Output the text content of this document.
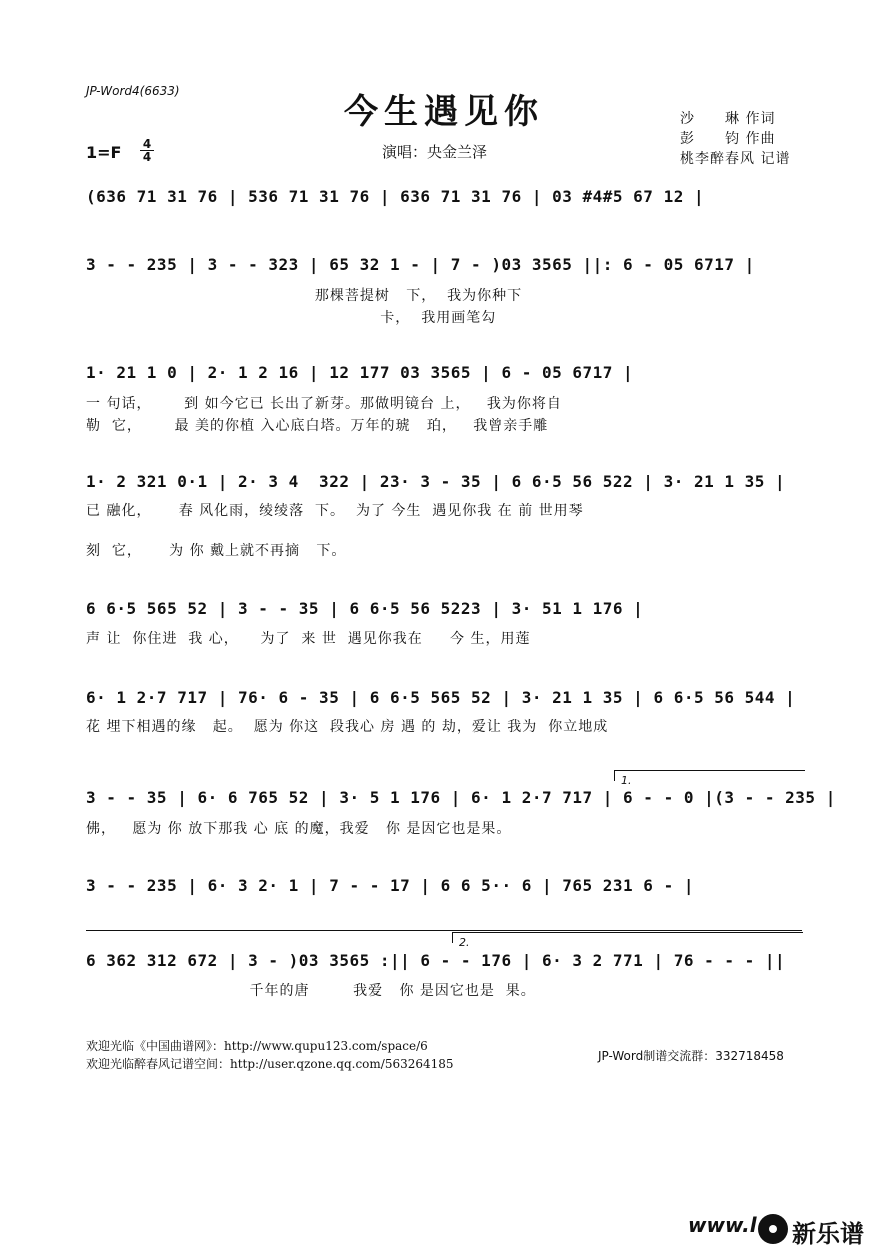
JP-Word4(6633)
今生遇见你
1=F 4
4	演唱：央金兰泽
沙　　琳 作词
彭　　钧 作曲
桃李醉春风 记谱
(636 71 31 76 | 536 71 31 76 | 636 71 31 76 | 03 #4#5 67 12 |
3 - - 235 | 3 - - 323 | 65 32 1 - | 7 - )03 3565 ||: 6 - 05 6717 |
那棵菩提树   下，  我为你种下
卡，  我用画笔勾
1· 21 1 0 | 2· 1 2 16 | 12 177 03 3565 | 6 - 05 6717 |
一 句话，      到 如今它已 长出了新芽。那做明镜台 上，   我为你将自
勒  它，      最 美的你植 入心底白塔。万年的琥   珀，   我曾亲手雕
1· 2 321 0·1 | 2· 3 4  322 | 23· 3 - 35 | 6 6·5 56 522 | 3· 21 1 35 |
已 融化，     春 风化雨，绫绫落  下。  为了 今生  遇见你我 在 前 世用琴
刻  它，     为 你 戴上就不再摘   下。
6 6·5 565 52 | 3 - - 35 | 6 6·5 56 5223 | 3· 51 1 176 |
声 让  你住进  我 心，    为了  来 世  遇见你我在     今 生，用莲
6· 1 2·7 717 | 76· 6 - 35 | 6 6·5 565 52 | 3· 21 1 35 | 6 6·5 56 544 |
花 埋下相遇的缘   起。  愿为 你这  段我心 房 遇 的 劫，爱让 我为  你立地成
1.
3 - - 35 | 6· 6 765 52 | 3· 5 1 176 | 6· 1 2·7 717 | 6 - - 0 |(3 - - 235 |
佛，   愿为 你 放下那我 心 底 的魔，我爱   你 是因它也是果。
3 - - 235 | 6· 3 2· 1 | 7 - - 17 | 6 6 5·· 6 | 765 231 6 - |
2.
6 362 312 672 | 3 - )03 3565 :|| 6 - - 176 | 6· 3 2 771 | 76 - - - ||
千年的唐        我爱   你 是因它也是  果。
欢迎光临《中国曲谱网》：http://www.qupu123.com/space/6
欢迎光临醉春风记谱空间：http://user.qzone.qq.com/563264185
JP-Word制谱交流群：332718458
www.l 新乐谱
